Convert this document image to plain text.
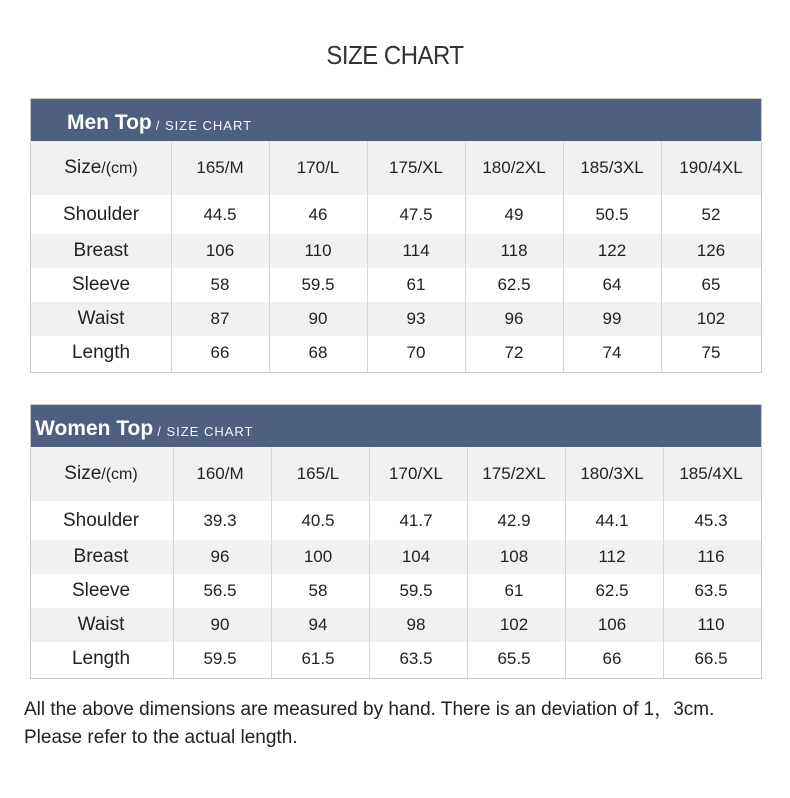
SIZE CHART
Men Top / SIZE CHART
Size/(cm)	165/M	170/L	175/XL	180/2XL	185/3XL	190/4XL
Shoulder	44.5	46	47.5	49	50.5	52
Breast	106	110	114	118	122	126
Sleeve	58	59.5	61	62.5	64	65
Waist	87	90	93	96	99	102
Length	66	68	70	72	74	75
Women Top / SIZE CHART
Size/(cm)	160/M	165/L	170/XL	175/2XL	180/3XL	185/4XL
Shoulder	39.3	40.5	41.7	42.9	44.1	45.3
Breast	96	100	104	108	112	116
Sleeve	56.5	58	59.5	61	62.5	63.5
Waist	90	94	98	102	106	110
Length	59.5	61.5	63.5	65.5	66	66.5
All the above dimensions are measured by hand. There is an deviation of 1，3cm.
Please refer to the actual length.
